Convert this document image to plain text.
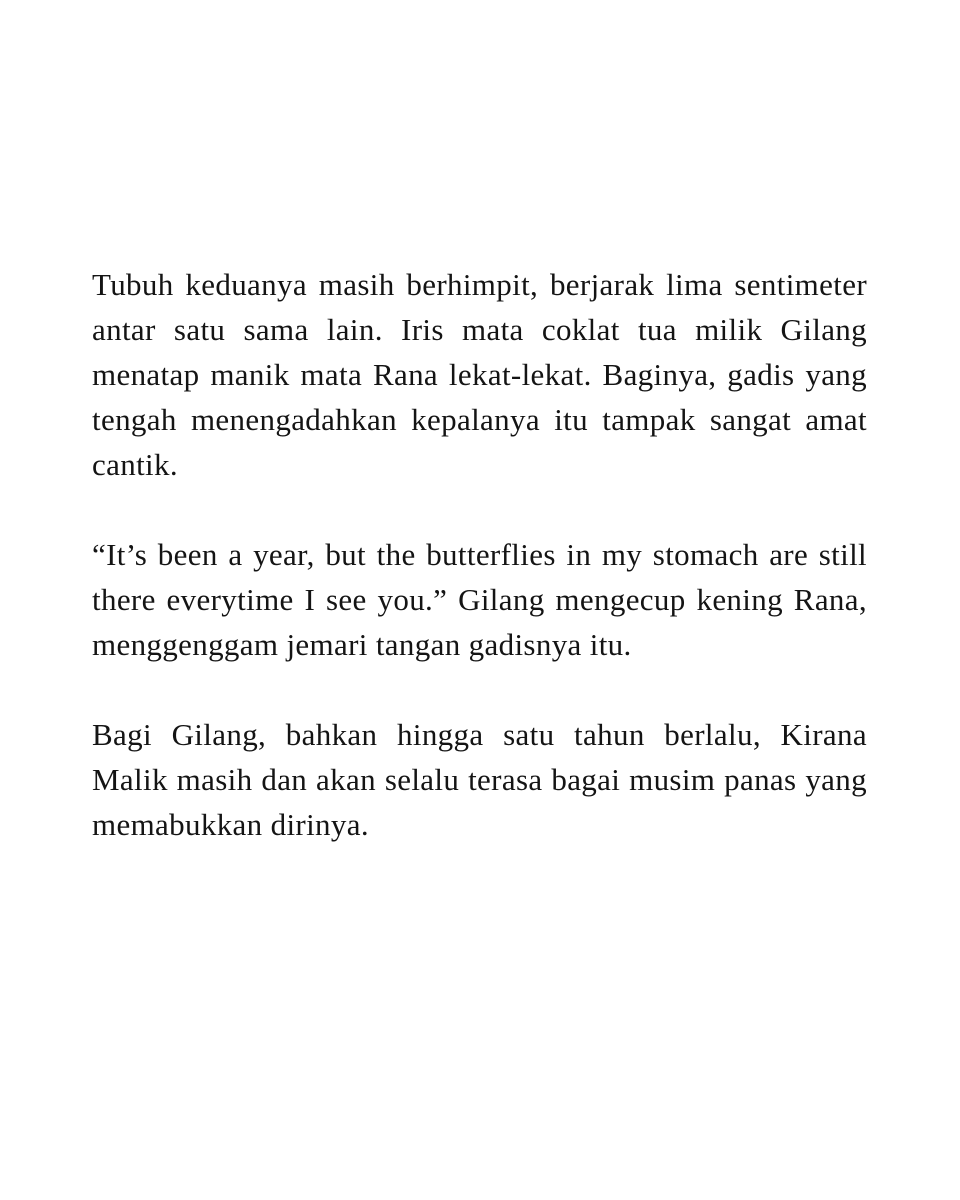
Tubuh keduanya masih berhimpit, berjarak lima sentimeter antar satu sama lain. Iris mata coklat tua milik Gilang menatap manik mata Rana lekat-lekat. Baginya, gadis yang tengah menengadahkan kepalanya itu tampak sangat amat cantik.

“It’s been a year, but the butterflies in my stomach are still there everytime I see you.” Gilang mengecup kening Rana, menggenggam jemari tangan gadisnya itu.

Bagi Gilang, bahkan hingga satu tahun berlalu, Kirana Malik masih dan akan selalu terasa bagai musim panas yang memabukkan dirinya.
